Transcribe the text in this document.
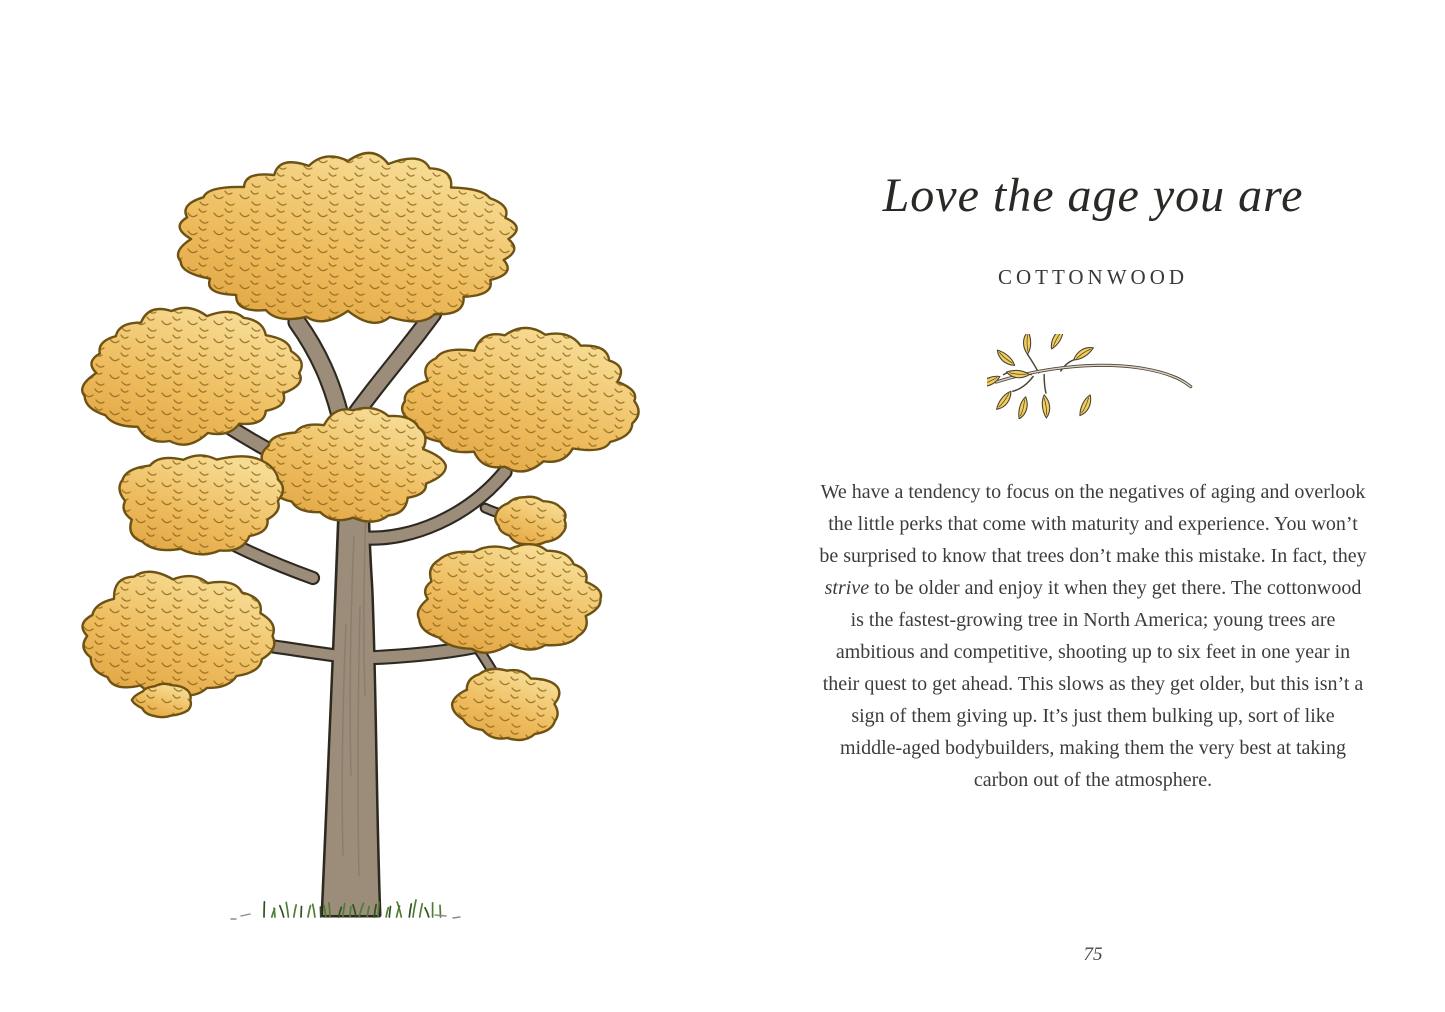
Love the age you are
COTTONWOOD

We have a tendency to focus on the negatives of aging and overlook the little perks that come with maturity and experience. You won’t be surprised to know that trees don’t make this mistake. In fact, they strive to be older and enjoy it when they get there. The cottonwood is the fastest-growing tree in North America; young trees are ambitious and competitive, shooting up to six feet in one year in their quest to get ahead. This slows as they get older, but this isn’t a sign of them giving up. It’s just them bulking up, sort of like middle-aged bodybuilders, making them the very best at taking carbon out of the atmosphere.

75
